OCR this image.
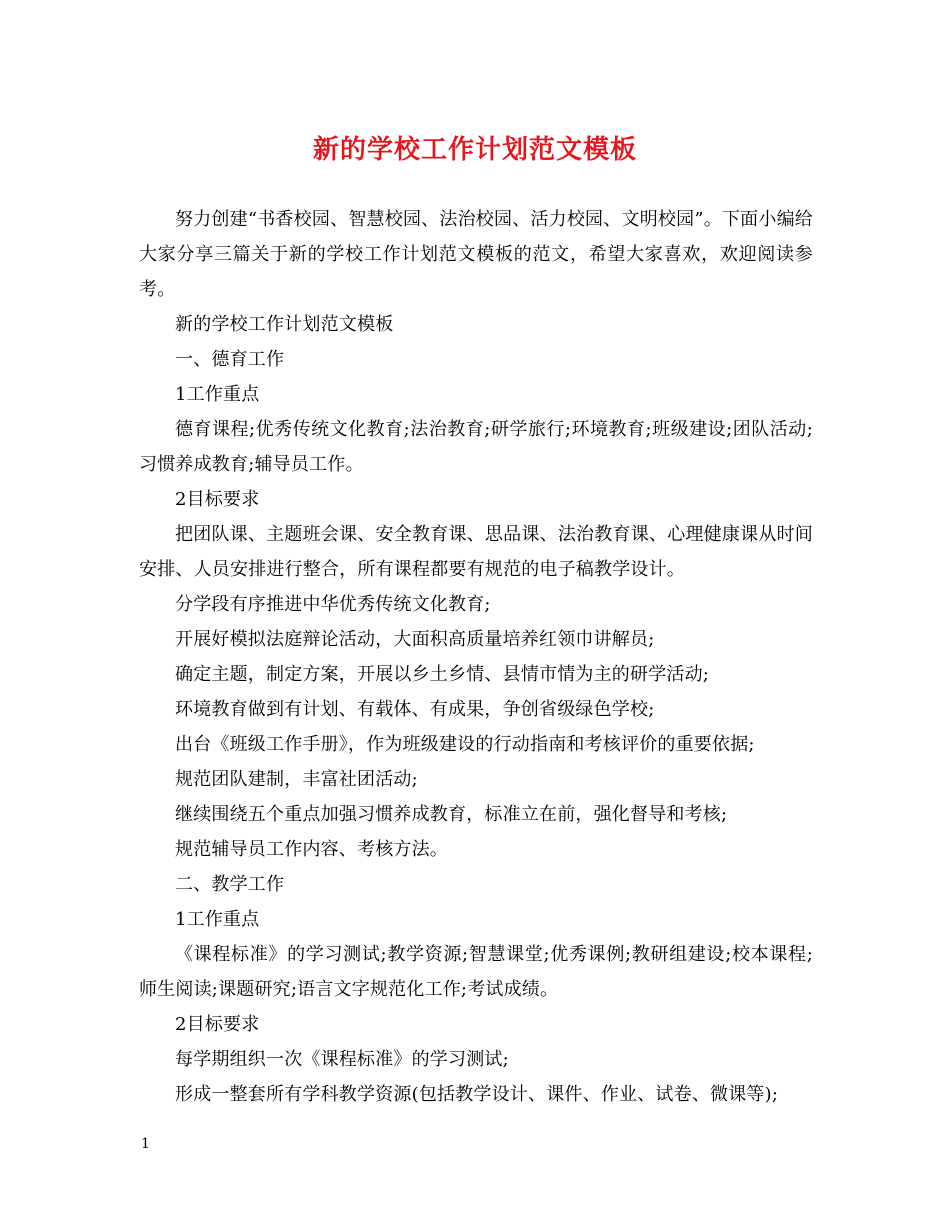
新的学校工作计划范文模板

努力创建“书香校园、智慧校园、法治校园、活力校园、文明校园”。下面小编给大家分享三篇关于新的学校工作计划范文模板的范文，希望大家喜欢，欢迎阅读参考。

新的学校工作计划范文模板

一、德育工作

1工作重点

德育课程;优秀传统文化教育;法治教育;研学旅行;环境教育;班级建设;团队活动;习惯养成教育;辅导员工作。

2目标要求

把团队课、主题班会课、安全教育课、思品课、法治教育课、心理健康课从时间安排、人员安排进行整合，所有课程都要有规范的电子稿教学设计。

分学段有序推进中华优秀传统文化教育;

开展好模拟法庭辩论活动，大面积高质量培养红领巾讲解员;

确定主题，制定方案，开展以乡土乡情、县情市情为主的研学活动;

环境教育做到有计划、有载体、有成果，争创省级绿色学校;

出台《班级工作手册》，作为班级建设的行动指南和考核评价的重要依据;

规范团队建制，丰富社团活动;

继续围绕五个重点加强习惯养成教育，标准立在前，强化督导和考核;

规范辅导员工作内容、考核方法。

二、教学工作

1工作重点

《课程标准》的学习测试;教学资源;智慧课堂;优秀课例;教研组建设;校本课程;师生阅读;课题研究;语言文字规范化工作;考试成绩。

2目标要求

每学期组织一次《课程标准》的学习测试;

形成一整套所有学科教学资源(包括教学设计、课件、作业、试卷、微课等);

1
